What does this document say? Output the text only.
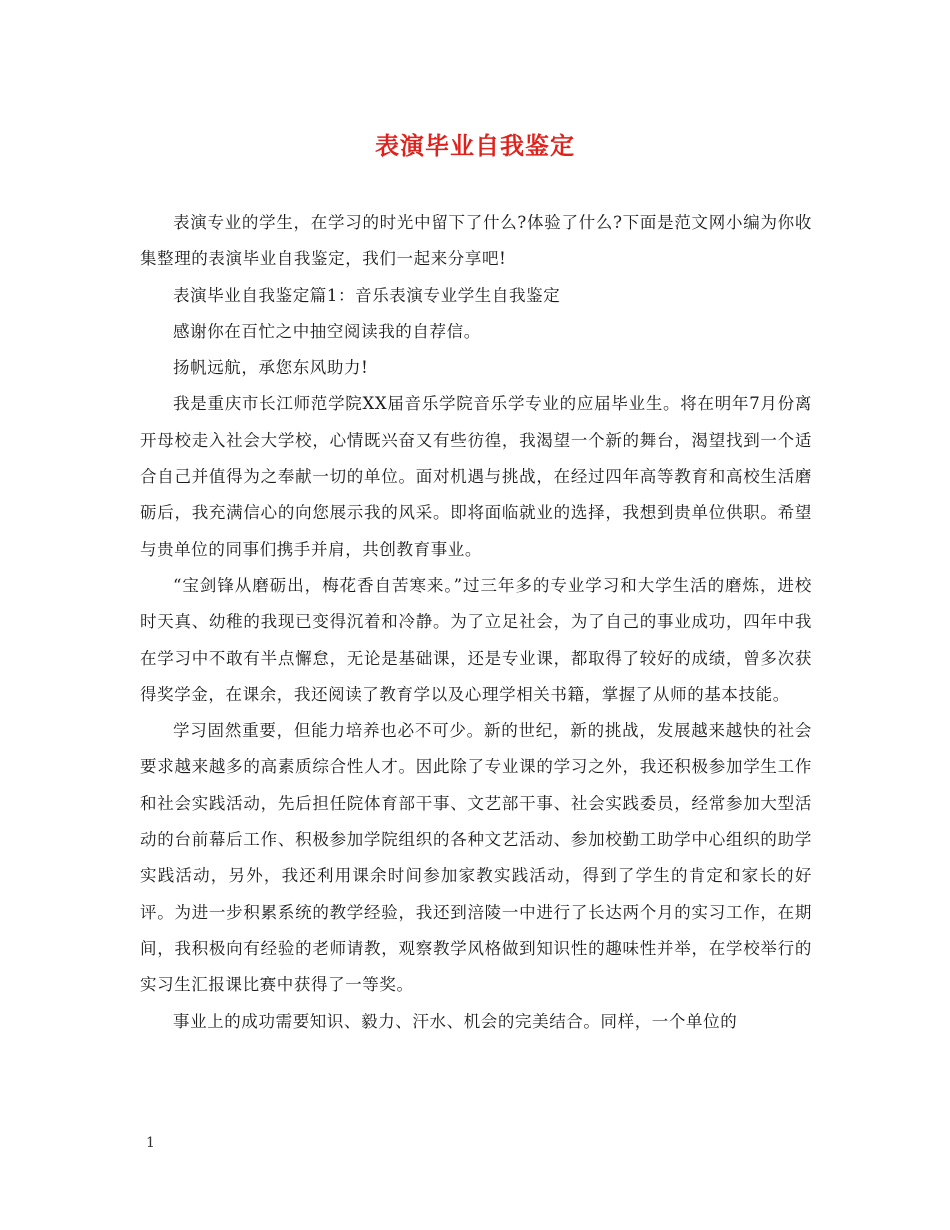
表演毕业自我鉴定

表演专业的学生，在学习的时光中留下了什么?体验了什么?下面是范文网小编为你收集整理的表演毕业自我鉴定，我们一起来分享吧!

表演毕业自我鉴定篇1：音乐表演专业学生自我鉴定

感谢你在百忙之中抽空阅读我的自荐信。

扬帆远航，承您东风助力!

我是重庆市长江师范学院XX届音乐学院音乐学专业的应届毕业生。将在明年7月份离开母校走入社会大学校，心情既兴奋又有些彷徨，我渴望一个新的舞台，渴望找到一个适合自己并值得为之奉献一切的单位。面对机遇与挑战，在经过四年高等教育和高校生活磨砺后，我充满信心的向您展示我的风采。即将面临就业的选择，我想到贵单位供职。希望与贵单位的同事们携手并肩，共创教育事业。

“宝剑锋从磨砺出，梅花香自苦寒来。”过三年多的专业学习和大学生活的磨炼，进校时天真、幼稚的我现已变得沉着和冷静。为了立足社会，为了自己的事业成功，四年中我在学习中不敢有半点懈怠，无论是基础课，还是专业课，都取得了较好的成绩，曾多次获得奖学金，在课余，我还阅读了教育学以及心理学相关书籍，掌握了从师的基本技能。

学习固然重要，但能力培养也必不可少。新的世纪，新的挑战，发展越来越快的社会要求越来越多的高素质综合性人才。因此除了专业课的学习之外，我还积极参加学生工作和社会实践活动，先后担任院体育部干事、文艺部干事、社会实践委员，经常参加大型活动的台前幕后工作、积极参加学院组织的各种文艺活动、参加校勤工助学中心组织的助学实践活动，另外，我还利用课余时间参加家教实践活动，得到了学生的肯定和家长的好评。为进一步积累系统的教学经验，我还到涪陵一中进行了长达两个月的实习工作，在期间，我积极向有经验的老师请教，观察教学风格做到知识性的趣味性并举，在学校举行的实习生汇报课比赛中获得了一等奖。

事业上的成功需要知识、毅力、汗水、机会的完美结合。同样，一个单位的

1
